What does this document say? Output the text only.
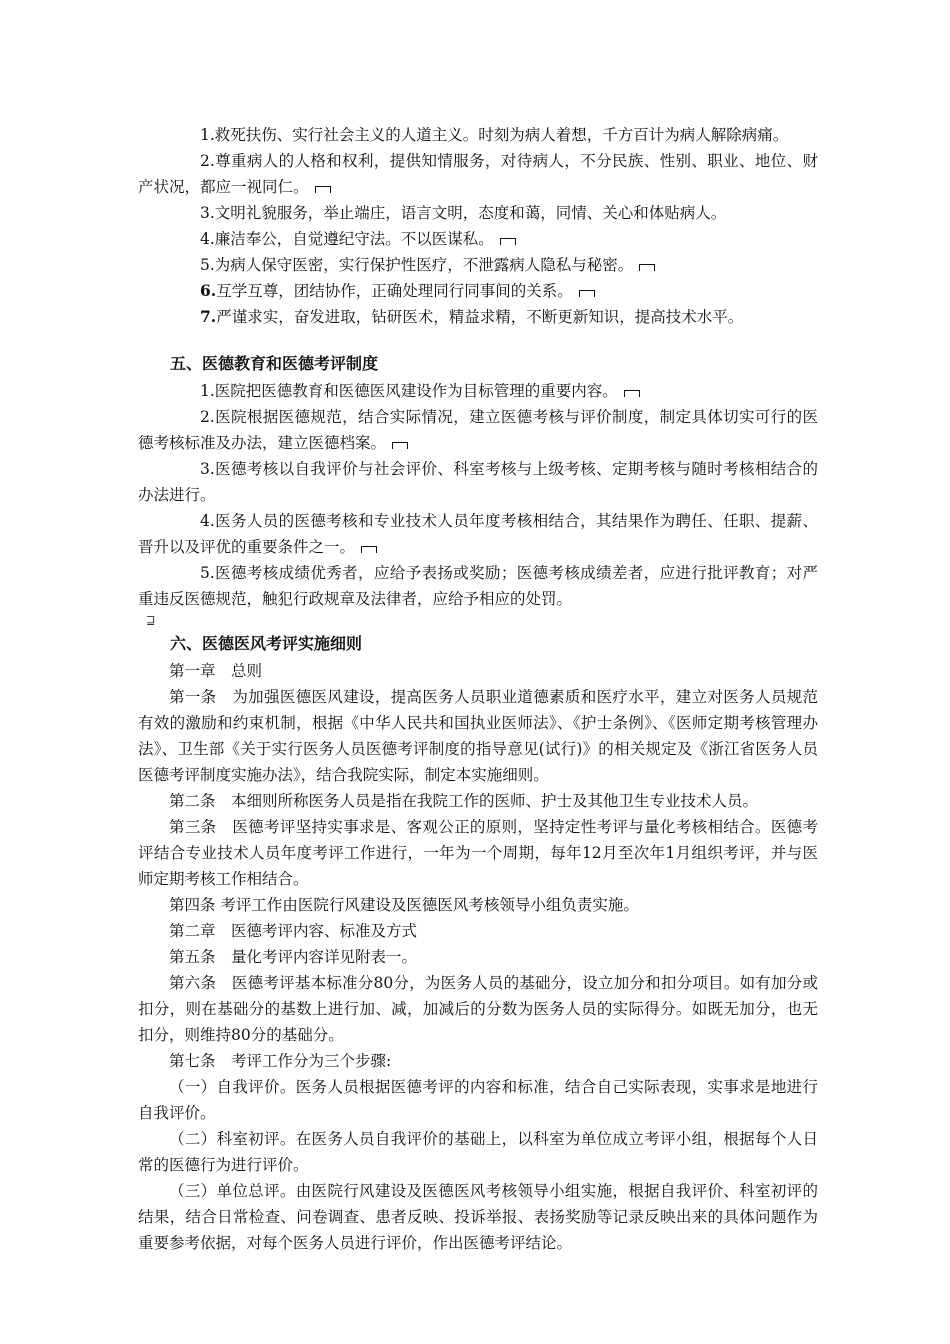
1.救死扶伤、实行社会主义的人道主义。时刻为病人着想，千方百计为病人解除病痛。

2.尊重病人的人格和权利，提供知情服务，对待病人，不分民族、性别、职业、地位、财产状况，都应一视同仁。

3.文明礼貌服务，举止端庄，语言文明，态度和蔼，同情、关心和体贴病人。

4.廉洁奉公，自觉遵纪守法。不以医谋私。

5.为病人保守医密，实行保护性医疗，不泄露病人隐私与秘密。

6.互学互尊，团结协作，正确处理同行同事间的关系。

7.严谨求实，奋发进取，钻研医术，精益求精，不断更新知识，提高技术水平。

五、医德教育和医德考评制度

1.医院把医德教育和医德医风建设作为目标管理的重要内容。

2.医院根据医德规范，结合实际情况，建立医德考核与评价制度，制定具体切实可行的医德考核标准及办法，建立医德档案。

3.医德考核以自我评价与社会评价、科室考核与上级考核、定期考核与随时考核相结合的办法进行。

4.医务人员的医德考核和专业技术人员年度考核相结合，其结果作为聘任、任职、提薪、晋升以及评优的重要条件之一。

5.医德考核成绩优秀者，应给予表扬或奖励；医德考核成绩差者，应进行批评教育；对严重违反医德规范，触犯行政规章及法律者，应给予相应的处罚。

⊒
六、医德医风考评实施细则

第一章　总则

第一条　为加强医德医风建设，提高医务人员职业道德素质和医疗水平，建立对医务人员规范有效的激励和约束机制，根据《中华人民共和国执业医师法》、《护士条例》、《医师定期考核管理办法》、卫生部《关于实行医务人员医德考评制度的指导意见(试行)》的相关规定及《浙江省医务人员医德考评制度实施办法》，结合我院实际，制定本实施细则。

第二条　本细则所称医务人员是指在我院工作的医师、护士及其他卫生专业技术人员。

第三条　医德考评坚持实事求是、客观公正的原则，坚持定性考评与量化考核相结合。医德考评结合专业技术人员年度考评工作进行，一年为一个周期，每年12月至次年1月组织考评，并与医师定期考核工作相结合。

第四条 考评工作由医院行风建设及医德医风考核领导小组负责实施。

第二章　医德考评内容、标准及方式

第五条　量化考评内容详见附表一。

第六条　医德考评基本标准分80分，为医务人员的基础分，设立加分和扣分项目。如有加分或扣分，则在基础分的基数上进行加、减，加减后的分数为医务人员的实际得分。如既无加分，也无扣分，则维持80分的基础分。

第七条　考评工作分为三个步骤:

（一）自我评价。医务人员根据医德考评的内容和标准，结合自己实际表现，实事求是地进行自我评价。

（二）科室初评。在医务人员自我评价的基础上，以科室为单位成立考评小组，根据每个人日常的医德行为进行评价。

（三）单位总评。由医院行风建设及医德医风考核领导小组实施，根据自我评价、科室初评的结果，结合日常检查、问卷调查、患者反映、投诉举报、表扬奖励等记录反映出来的具体问题作为重要参考依据，对每个医务人员进行评价，作出医德考评结论。
